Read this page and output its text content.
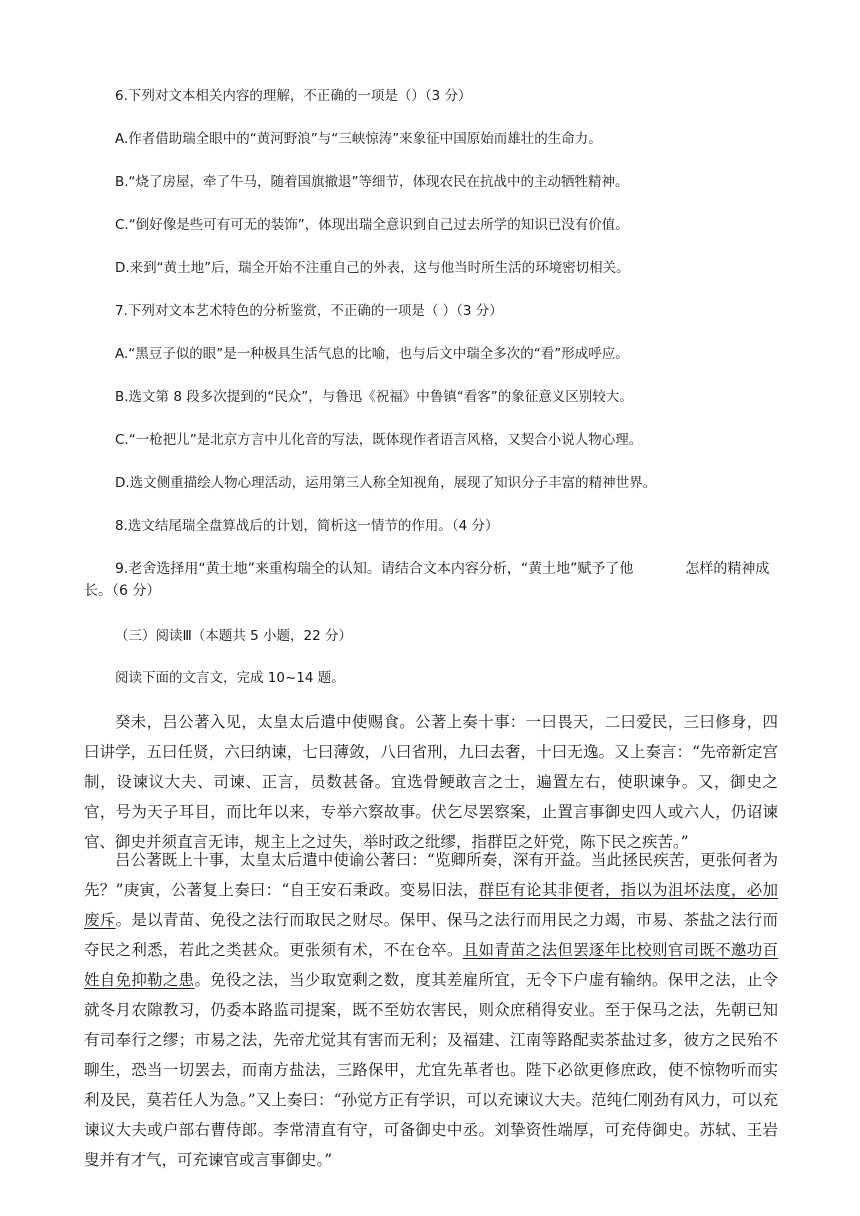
6.下列对文本相关内容的理解，不正确的一项是（）（3 分）
A.作者借助瑞全眼中的“黄河野浪”与“三峡惊涛”来象征中国原始而雄壮的生命力。
B.“烧了房屋，牵了牛马，随着国旗撤退”等细节，体现农民在抗战中的主动牺牲精神。
C.“倒好像是些可有可无的装饰”，体现出瑞全意识到自己过去所学的知识已没有价值。
D.来到“黄土地”后，瑞全开始不注重自己的外表，这与他当时所生活的环境密切相关。
7.下列对文本艺术特色的分析鉴赏，不正确的一项是（ ）（3 分）
A.“黑豆子似的眼”是一种极具生活气息的比喻，也与后文中瑞全多次的“看”形成呼应。
B.选文第 8 段多次提到的“民众”，与鲁迅《祝福》中鲁镇“看客”的象征意义区别较大。
C.“一枪把儿”是北京方言中儿化音的写法，既体现作者语言风格，又契合小说人物心理。
D.选文侧重描绘人物心理活动，运用第三人称全知视角，展现了知识分子丰富的精神世界。
8.选文结尾瑞全盘算战后的计划，简析这一情节的作用。（4 分）
9.老舍选择用“黄土地”来重构瑞全的认知。请结合文本内容分析，“黄土地”赋予了他	怎样的精神成长。（6 分）
（三）阅读Ⅲ（本题共 5 小题，22 分）
阅读下面的文言文，完成 10~14 题。
癸未，吕公著入见，太皇太后遣中使赐食。公著上奏十事：一曰畏天，二曰爱民，三曰修身，四曰讲学，五曰任贤，六曰纳谏，七曰薄敛，八曰省刑，九曰去奢，十曰无逸。又上奏言：“先帝新定宫制，设谏议大夫、司谏、正言，员数甚备。宜选骨鲠敢言之士，遍置左右，使职谏争。又，御史之官，号为天子耳目，而比年以来，专举六察故事。伏乞尽罢察案，止置言事御史四人或六人，仍诏谏官、御史并须直言无讳，规主上之过失，举时政之纰缪，指群臣之奸党，陈下民之疾苦。”
吕公著既上十事，太皇太后遣中使谕公著曰：“览卿所奏，深有开益。当此拯民疾苦，更张何者为先？”庚寅，公著复上奏曰：“自王安石秉政。变易旧法，群臣有论其非便者，指以为沮坏法度，必加废斥。是以青苗、免役之法行而取民之财尽。保甲、保马之法行而用民之力竭，市易、茶盐之法行而夺民之利悉，若此之类甚众。更张须有术，不在仓卒。且如青苗之法但罢逐年比校则官司既不邀功百姓自免抑勒之患。免役之法，当少取宽剩之数，度其差雇所宜，无令下户虚有输纳。保甲之法，止令就冬月农隙教习，仍委本路监司提案，既不至妨农害民，则众庶稍得安业。至于保马之法，先朝已知有司奉行之缪；市易之法，先帝尤觉其有害而无利；及福建、江南等路配卖茶盐过多，彼方之民殆不聊生，恐当一切罢去，而南方盐法，三路保甲，尤宜先革者也。陛下必欲更修庶政，使不惊物听而实利及民，莫若任人为急。”又上奏曰：“孙觉方正有学识，可以充谏议大夫。范纯仁刚劲有风力，可以充谏议大夫或户部右曹侍郎。李常清直有守，可备御史中丞。刘挚资性端厚，可充侍御史。苏轼、王岩叟并有才气，可充谏官或言事御史。”
